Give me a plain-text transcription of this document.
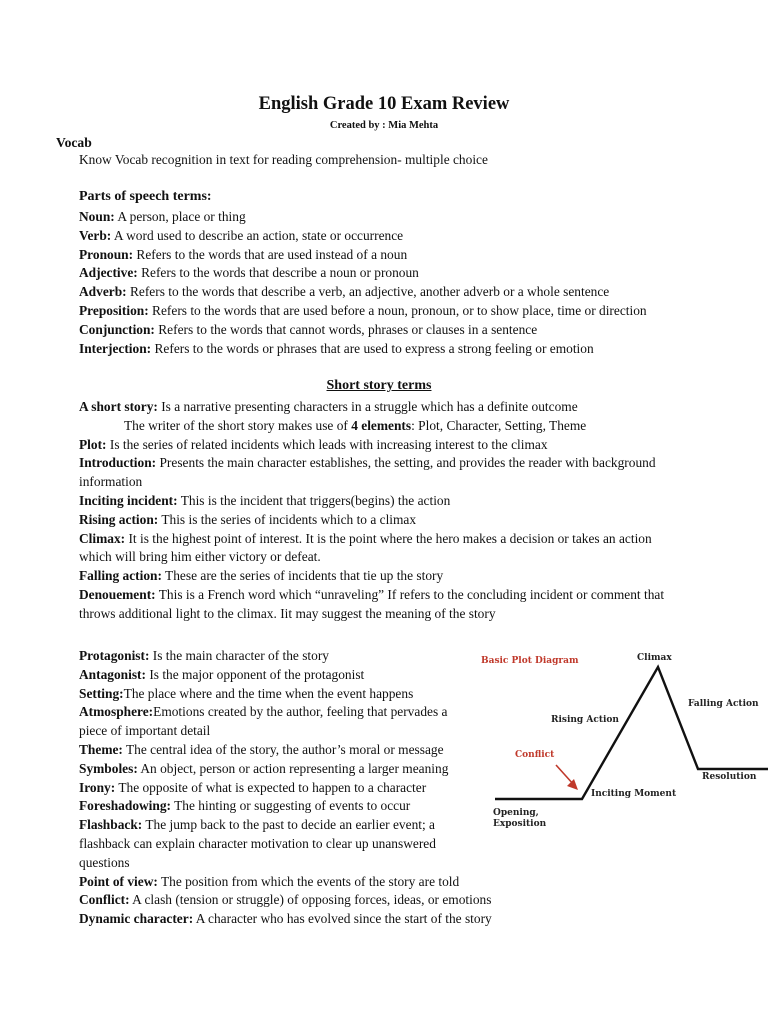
English Grade 10 Exam Review
Created by : Mia Mehta
Vocab
Know Vocab recognition in text for reading comprehension- multiple choice
Parts of speech terms:
Noun: A person, place or thing
Verb: A word used to describe an action, state or occurrence
Pronoun: Refers to the words that are used instead of a noun
Adjective: Refers to the words that describe a noun or pronoun
Adverb: Refers to the words that describe a verb, an adjective, another adverb or a whole sentence
Preposition: Refers to the words that are used before a noun, pronoun, or to show place, time or direction
Conjunction: Refers to the words that cannot words, phrases or clauses in a sentence
Interjection: Refers to the words or phrases that are used to express a strong feeling or emotion
Short story terms
A short story: Is a narrative presenting characters in a struggle which has a definite outcome
The writer of the short story makes use of 4 elements: Plot, Character, Setting, Theme
Plot: Is the series of related incidents which leads with increasing interest to the climax
Introduction: Presents the main character establishes, the setting, and provides the reader with background information
Inciting incident: This is the incident that triggers(begins) the action
Rising action: This is the series of incidents which to a climax
Climax: It is the highest point of interest. It is the point where the hero makes a decision or takes an action which will bring him either victory or defeat.
Falling action: These are the series of incidents that tie up the story
Denouement: This is a French word which “unraveling” If refers to the concluding incident or comment that throws additional light to the climax. Iit may suggest the meaning of the story
Protagonist: Is the main character of the story
Antagonist: Is the major opponent of the protagonist
Setting:The place where and the time when the event happens
Atmosphere:Emotions created by the author, feeling that pervades a piece of important detail
Theme: The central idea of the story, the author’s moral or message
Symboles: An object, person or action representing a larger meaning
Irony: The opposite of what is expected to happen to a character
Foreshadowing: The hinting or suggesting of events to occur
Flashback: The jump back to the past to decide an earlier event; a flashback can explain character motivation to clear up unanswered questions
Point of view: The position from which the events of the story are told
Conflict: A clash (tension or struggle) of opposing forces, ideas, or emotions
Dynamic character: A character who has evolved since the start of the story
Basic Plot Diagram	Climax
Falling Action
Rising Action
Conflict
Resolution
Inciting Moment
Opening,
Exposition
